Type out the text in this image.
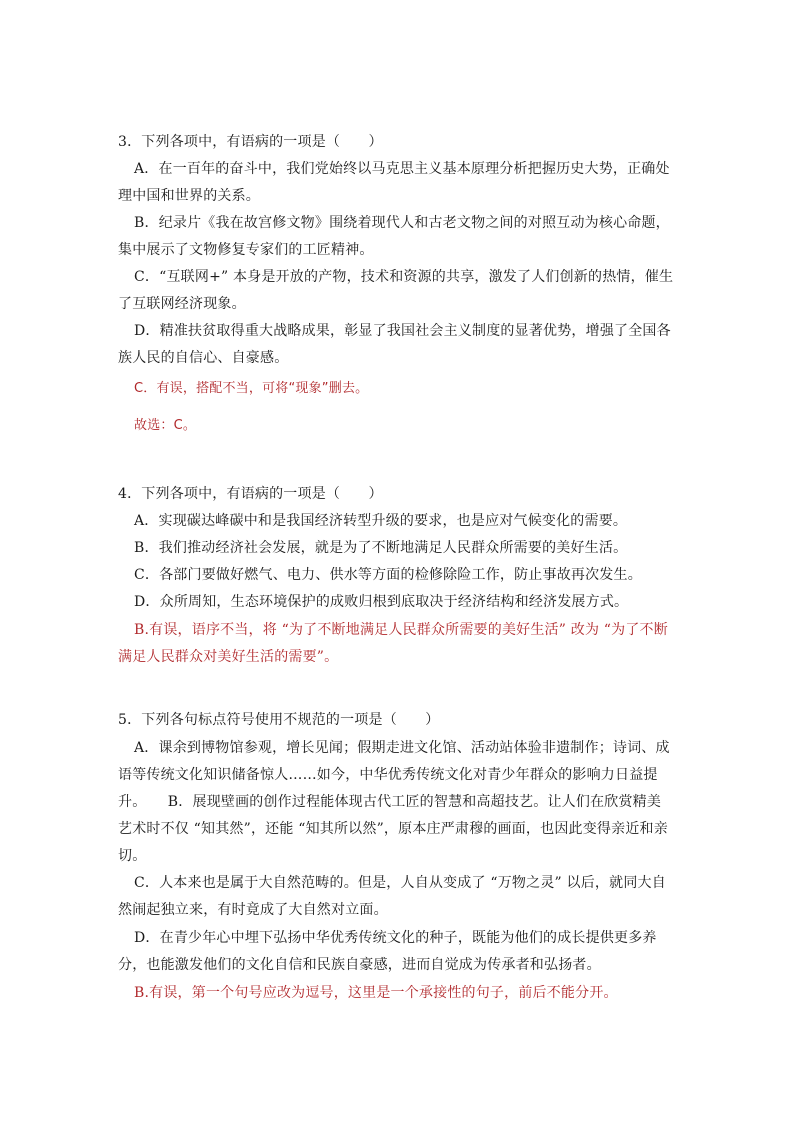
3．下列各项中，有语病的一项是（　　）
A．在一百年的奋斗中，我们党始终以马克思主义基本原理分析把握历史大势，正确处
理中国和世界的关系。
B．纪录片《我在故宫修文物》围绕着现代人和古老文物之间的对照互动为核心命题，
集中展示了文物修复专家们的工匠精神。
C．“互联网+” 本身是开放的产物，技术和资源的共享，激发了人们创新的热情，催生
了互联网经济现象。
D．精准扶贫取得重大战略成果，彰显了我国社会主义制度的显著优势，增强了全国各
族人民的自信心、自豪感。
C．有误，搭配不当，可将“现象”删去。
故选：C。
4．下列各项中，有语病的一项是（　　）
A．实现碳达峰碳中和是我国经济转型升级的要求，也是应对气候变化的需要。
B．我们推动经济社会发展，就是为了不断地满足人民群众所需要的美好生活。
C．各部门要做好燃气、电力、供水等方面的检修除险工作，防止事故再次发生。
D．众所周知，生态环境保护的成败归根到底取决于经济结构和经济发展方式。
B.有误，语序不当，将 “为了不断地满足人民群众所需要的美好生活” 改为 “为了不断
满足人民群众对美好生活的需要”。
5．下列各句标点符号使用不规范的一项是（　　）
A．课余到博物馆参观，增长见闻；假期走进文化馆、活动站体验非遗制作；诗词、成
语等传统文化知识储备惊人……如今，中华优秀传统文化对青少年群众的影响力日益提
升。　　B．展现壁画的创作过程能体现古代工匠的智慧和高超技艺。让人们在欣赏精美
艺术时不仅 “知其然”，还能 “知其所以然”，原本庄严肃穆的画面，也因此变得亲近和亲
切。
C．人本来也是属于大自然范畴的。但是，人自从变成了 “万物之灵” 以后，就同大自
然闹起独立来，有时竟成了大自然对立面。
D．在青少年心中埋下弘扬中华优秀传统文化的种子，既能为他们的成长提供更多养
分，也能激发他们的文化自信和民族自豪感，进而自觉成为传承者和弘扬者。
B.有误，第一个句号应改为逗号，这里是一个承接性的句子，前后不能分开。
